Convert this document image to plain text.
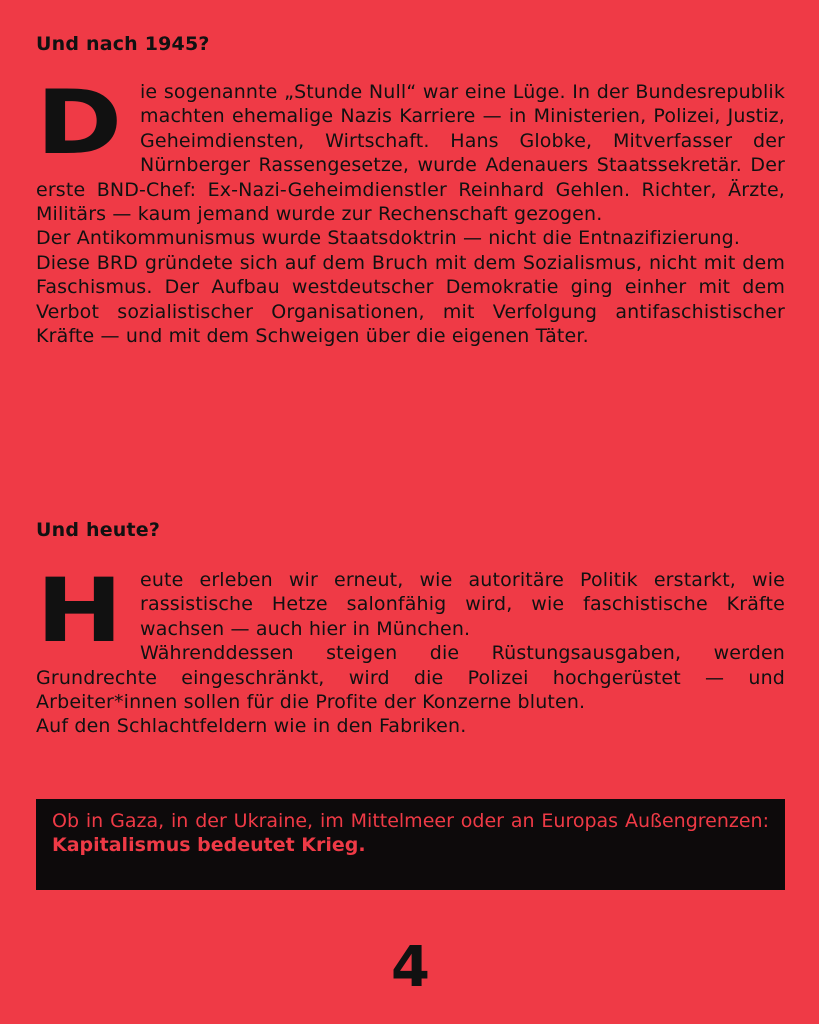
Und nach 1945?
D ie sogenannte „Stunde Null“ war eine Lüge. In der Bundesrepublik machten ehemalige Nazis Karriere — in Ministerien, Polizei, Justiz, Geheimdiensten, Wirtschaft. Hans Globke, Mitverfasser der Nürnberger Rassengesetze, wurde Adenauers Staatssekretär. Der erste BND-Chef: Ex-Nazi-Geheimdienstler Reinhard Gehlen. Richter, Ärzte, Militärs — kaum jemand wurde zur Rechenschaft gezogen.

Der Antikommunismus wurde Staatsdoktrin — nicht die Entnazifizierung.

Diese BRD gründete sich auf dem Bruch mit dem Sozialismus, nicht mit dem Faschismus. Der Aufbau westdeutscher Demokratie ging einher mit dem Verbot sozialistischer Organisationen, mit Verfolgung antifaschistischer Kräfte — und mit dem Schweigen über die eigenen Täter.

Und heute?
H eute erleben wir erneut, wie autoritäre Politik erstarkt, wie rassistische Hetze salonfähig wird, wie faschistische Kräfte wachsen — auch hier in München.

Währenddessen steigen die Rüstungsausgaben, werden Grundrechte eingeschränkt, wird die Polizei hochgerüstet — und Arbeiter*innen sollen für die Profite der Konzerne bluten.

Auf den Schlachtfeldern wie in den Fabriken.

Ob in Gaza, in der Ukraine, im Mittelmeer oder an Europas Außengrenzen: Kapitalismus bedeutet Krieg.

4
